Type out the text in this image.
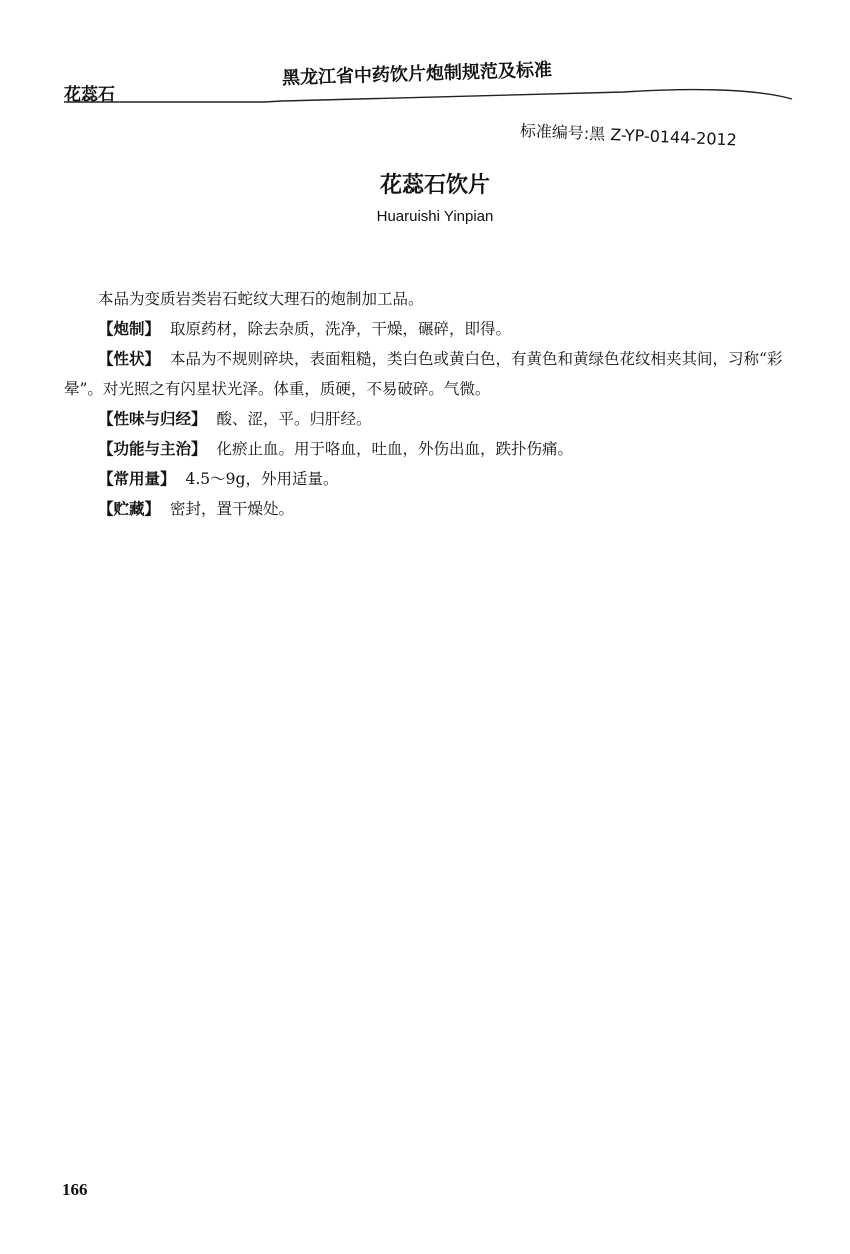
花蕊石
黑龙江省中药饮片炮制规范及标准
标准编号:黑 Z-YP-0144-2012
花蕊石饮片
Huaruishi Yinpian

本品为变质岩类岩石蛇纹大理石的炮制加工品。

【炮制】 取原药材，除去杂质，洗净，干燥，碾碎，即得。

【性状】 本品为不规则碎块，表面粗糙，类白色或黄白色，有黄色和黄绿色花纹相夹其间，习称“彩晕”。对光照之有闪星状光泽。体重，质硬，不易破碎。气微。

【性味与归经】 酸、涩，平。归肝经。

【功能与主治】 化瘀止血。用于咯血，吐血，外伤出血，跌扑伤痛。

【常用量】 4.5～9g，外用适量。

【贮藏】 密封，置干燥处。

166
